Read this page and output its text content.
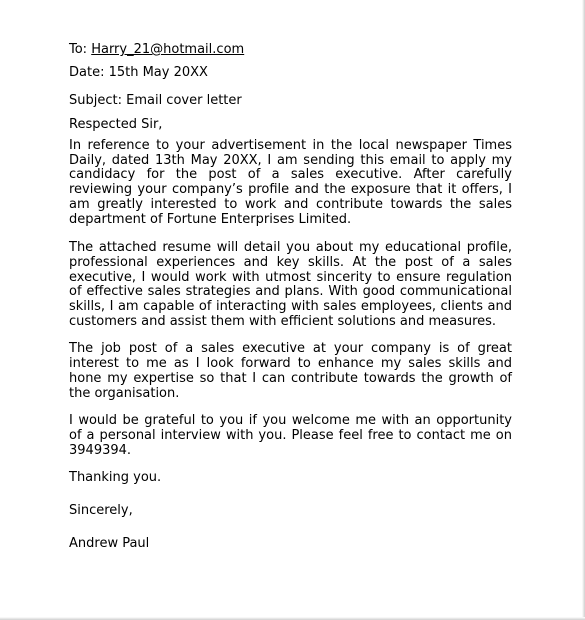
To: Harry_21@hotmail.com

Date: 15th May 20XX

Subject: Email cover letter

Respected Sir,

In reference to your advertisement in the local newspaper Times Daily, dated 13th May 20XX, I am sending this email to apply my candidacy for the post of a sales executive. After carefully reviewing your company’s profile and the exposure that it offers, I am greatly interested to work and contribute towards the sales department of Fortune Enterprises Limited.

The attached resume will detail you about my educational profile, professional experiences and key skills. At the post of a sales executive, I would work with utmost sincerity to ensure regulation of effective sales strategies and plans. With good communicational skills, I am capable of interacting with sales employees, clients and customers and assist them with efficient solutions and measures.

The job post of a sales executive at your company is of great interest to me as I look forward to enhance my sales skills and hone my expertise so that I can contribute towards the growth of the organisation.

I would be grateful to you if you welcome me with an opportunity of a personal interview with you. Please feel free to contact me on 3949394.

Thanking you.

Sincerely,

Andrew Paul
